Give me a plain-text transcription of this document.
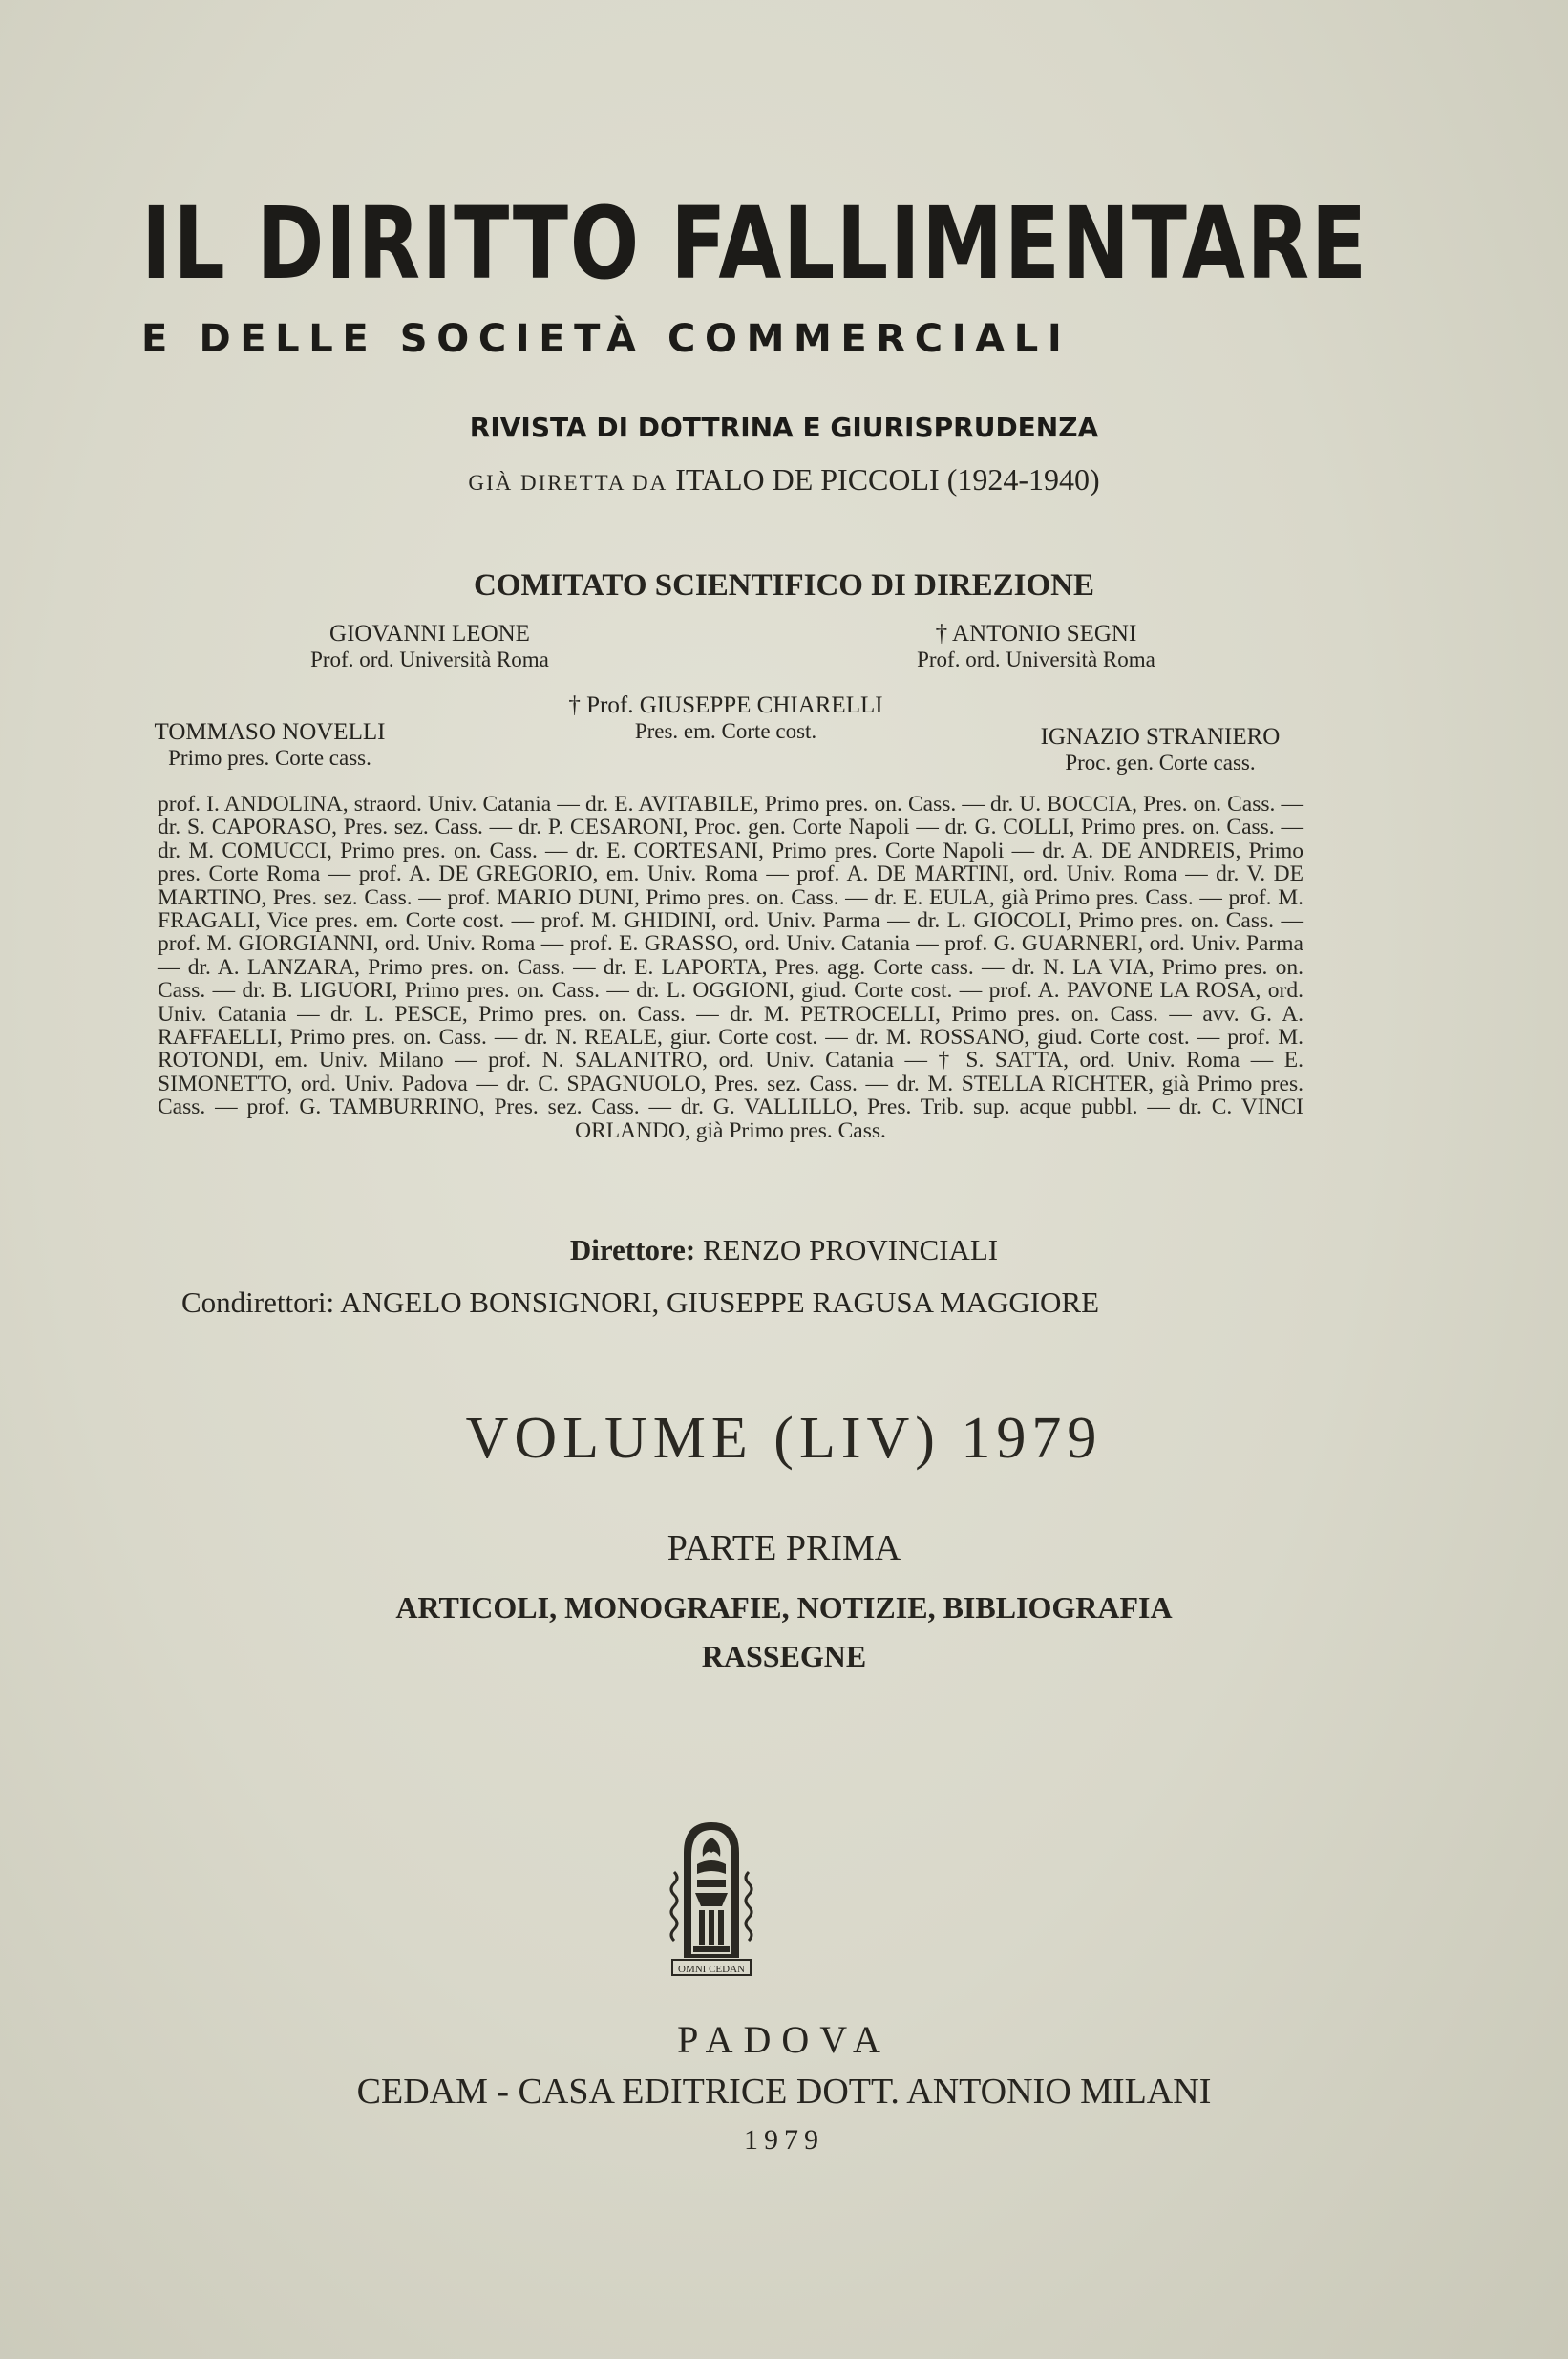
IL DIRITTO FALLIMENTARE
E DELLE SOCIETÀ COMMERCIALI
RIVISTA DI DOTTRINA E GIURISPRUDENZA
GIÀ DIRETTA DA ITALO DE PICCOLI (1924-1940)
COMITATO SCIENTIFICO DI DIREZIONE
GIOVANNI LEONE
Prof. ord. Università Roma
† ANTONIO SEGNI
Prof. ord. Università Roma
† Prof. GIUSEPPE CHIARELLI
Pres. em. Corte cost.
TOMMASO NOVELLI
Primo pres. Corte cass.
IGNAZIO STRANIERO
Proc. gen. Corte cass.
prof. I. ANDOLINA, straord. Univ. Catania — dr. E. AVITABILE, Primo pres. on. Cass. — dr. U. BOCCIA, Pres. on. Cass. — dr. S. CAPORASO, Pres. sez. Cass. — dr. P. CESARONI, Proc. gen. Corte Napoli — dr. G. COLLI, Primo pres. on. Cass. — dr. M. COMUCCI, Primo pres. on. Cass. — dr. E. CORTESANI, Primo pres. Corte Napoli — dr. A. DE ANDREIS, Primo pres. Corte Roma — prof. A. DE GREGORIO, em. Univ. Roma — prof. A. DE MARTINI, ord. Univ. Roma — dr. V. DE MARTINO, Pres. sez. Cass. — prof. MARIO DUNI, Primo pres. on. Cass. — dr. E. EULA, già Primo pres. Cass. — prof. M. FRAGALI, Vice pres. em. Corte cost. — prof. M. GHIDINI, ord. Univ. Parma — dr. L. GIOCOLI, Primo pres. on. Cass. — prof. M. GIORGIANNI, ord. Univ. Roma — prof. E. GRASSO, ord. Univ. Catania — prof. G. GUARNERI, ord. Univ. Parma — dr. A. LANZARA, Primo pres. on. Cass. — dr. E. LAPORTA, Pres. agg. Corte cass. — dr. N. LA VIA, Primo pres. on. Cass. — dr. B. LIGUORI, Primo pres. on. Cass. — dr. L. OGGIONI, giud. Corte cost. — prof. A. PAVONE LA ROSA, ord. Univ. Catania — dr. L. PESCE, Primo pres. on. Cass. — dr. M. PETROCELLI, Primo pres. on. Cass. — avv. G. A. RAFFAELLI, Primo pres. on. Cass. — dr. N. REALE, giur. Corte cost. — dr. M. ROSSANO, giud. Corte cost. — prof. M. ROTONDI, em. Univ. Milano — prof. N. SALANITRO, ord. Univ. Catania — † S. SATTA, ord. Univ. Roma — E. SIMONETTO, ord. Univ. Padova — dr. C. SPAGNUOLO, Pres. sez. Cass. — dr. M. STELLA RICHTER, già Primo pres. Cass. — prof. G. TAMBURRINO, Pres. sez. Cass. — dr. G. VALLILLO, Pres. Trib. sup. acque pubbl. — dr. C. VINCI ORLANDO, già Primo pres. Cass.
Direttore: RENZO PROVINCIALI
Condirettori: ANGELO BONSIGNORI, GIUSEPPE RAGUSA MAGGIORE
VOLUME (LIV) 1979
PARTE PRIMA
ARTICOLI, MONOGRAFIE, NOTIZIE, BIBLIOGRAFIA
RASSEGNE
OMNI CEDAN
PADOVA
CEDAM - CASA EDITRICE DOTT. ANTONIO MILANI
1979
